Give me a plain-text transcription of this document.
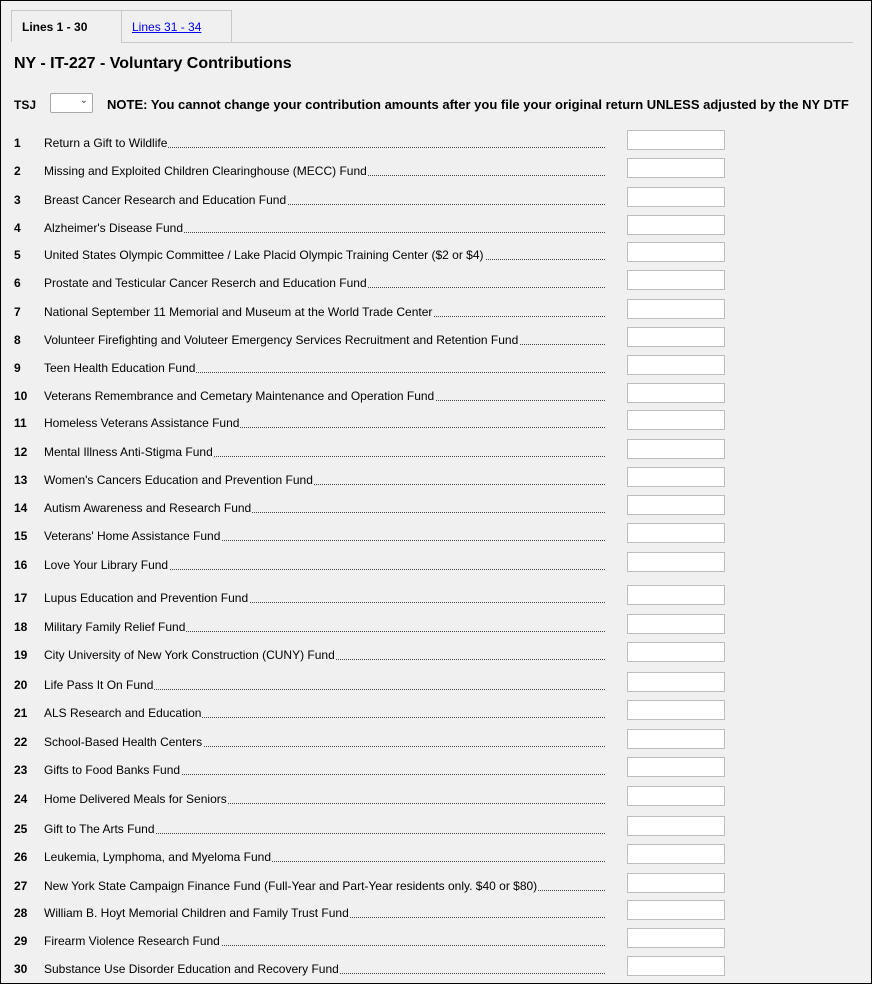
Lines 1 - 30	Lines 31 - 34
NY - IT-227 - Voluntary Contributions
TSJ	⌄ NOTE: You cannot change your contribution amounts after you file your original return UNLESS adjusted by the NY DTF
1 Return a Gift to Wildlife
2 Missing and Exploited Children Clearinghouse (MECC) Fund
3 Breast Cancer Research and Education Fund
4 Alzheimer's Disease Fund
5 United States Olympic Committee / Lake Placid Olympic Training Center ($2 or $4)
6 Prostate and Testicular Cancer Reserch and Education Fund
7 National September 11 Memorial and Museum at the World Trade Center
8 Volunteer Firefighting and Voluteer Emergency Services Recruitment and Retention Fund
9 Teen Health Education Fund
10 Veterans Remembrance and Cemetary Maintenance and Operation Fund
11 Homeless Veterans Assistance Fund
12 Mental Illness Anti-Stigma Fund
13 Women's Cancers Education and Prevention Fund
14 Autism Awareness and Research Fund
15 Veterans' Home Assistance Fund
16 Love Your Library Fund
17 Lupus Education and Prevention Fund
18 Military Family Relief Fund
19 City University of New York Construction (CUNY) Fund
20 Life Pass It On Fund
21 ALS Research and Education
22 School-Based Health Centers
23 Gifts to Food Banks Fund
24 Home Delivered Meals for Seniors
25 Gift to The Arts Fund
26 Leukemia, Lymphoma, and Myeloma Fund
27 New York State Campaign Finance Fund (Full-Year and Part-Year residents only. $40 or $80)
28 William B. Hoyt Memorial Children and Family Trust Fund
29 Firearm Violence Research Fund
30 Substance Use Disorder Education and Recovery Fund
